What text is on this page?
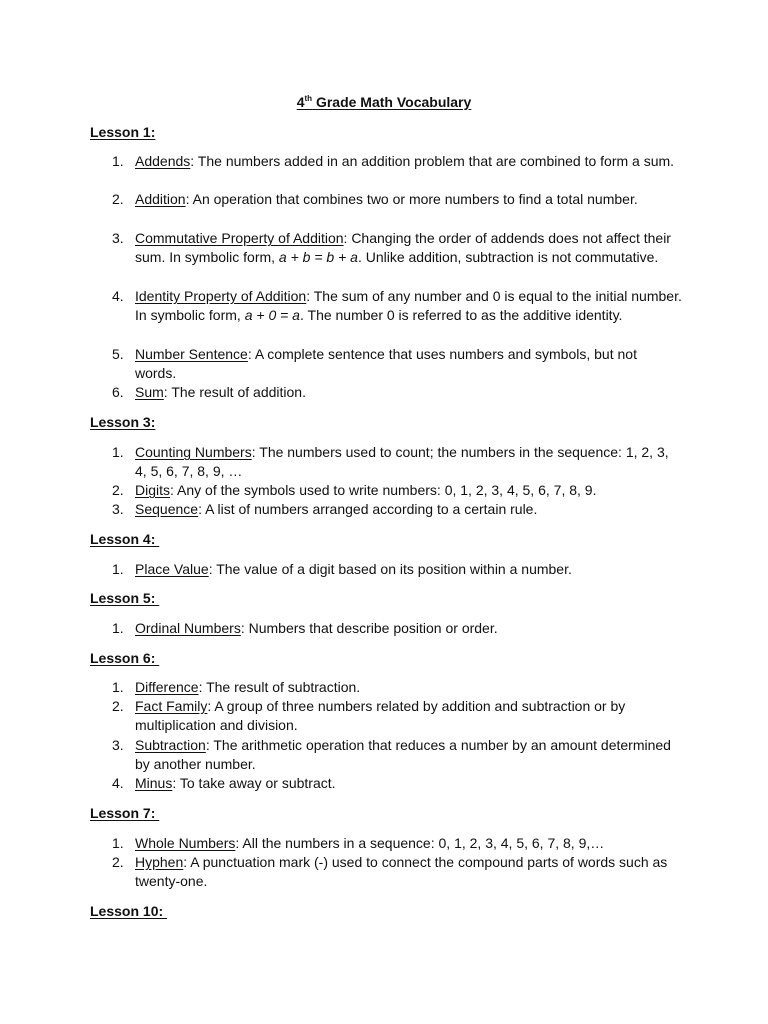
4th Grade Math Vocabulary
Lesson 1:
1. Addends: The numbers added in an addition problem that are combined to form a sum.
2. Addition: An operation that combines two or more numbers to find a total number.
3. Commutative Property of Addition: Changing the order of addends does not affect their sum. In symbolic form, a + b = b + a. Unlike addition, subtraction is not commutative.
4. Identity Property of Addition: The sum of any number and 0 is equal to the initial number. In symbolic form, a + 0 = a. The number 0 is referred to as the additive identity.
5. Number Sentence: A complete sentence that uses numbers and symbols, but not words.
6. Sum: The result of addition.
Lesson 3:
1. Counting Numbers: The numbers used to count; the numbers in the sequence: 1, 2, 3, 4, 5, 6, 7, 8, 9, …
2. Digits: Any of the symbols used to write numbers: 0, 1, 2, 3, 4, 5, 6, 7, 8, 9.
3. Sequence: A list of numbers arranged according to a certain rule.
Lesson 4:
1. Place Value: The value of a digit based on its position within a number.
Lesson 5:
1. Ordinal Numbers: Numbers that describe position or order.
Lesson 6:
1. Difference: The result of subtraction.
2. Fact Family: A group of three numbers related by addition and subtraction or by multiplication and division.
3. Subtraction: The arithmetic operation that reduces a number by an amount determined by another number.
4. Minus: To take away or subtract.
Lesson 7:
1. Whole Numbers: All the numbers in a sequence: 0, 1, 2, 3, 4, 5, 6, 7, 8, 9,…
2. Hyphen: A punctuation mark (-) used to connect the compound parts of words such as twenty-one.
Lesson 10:
